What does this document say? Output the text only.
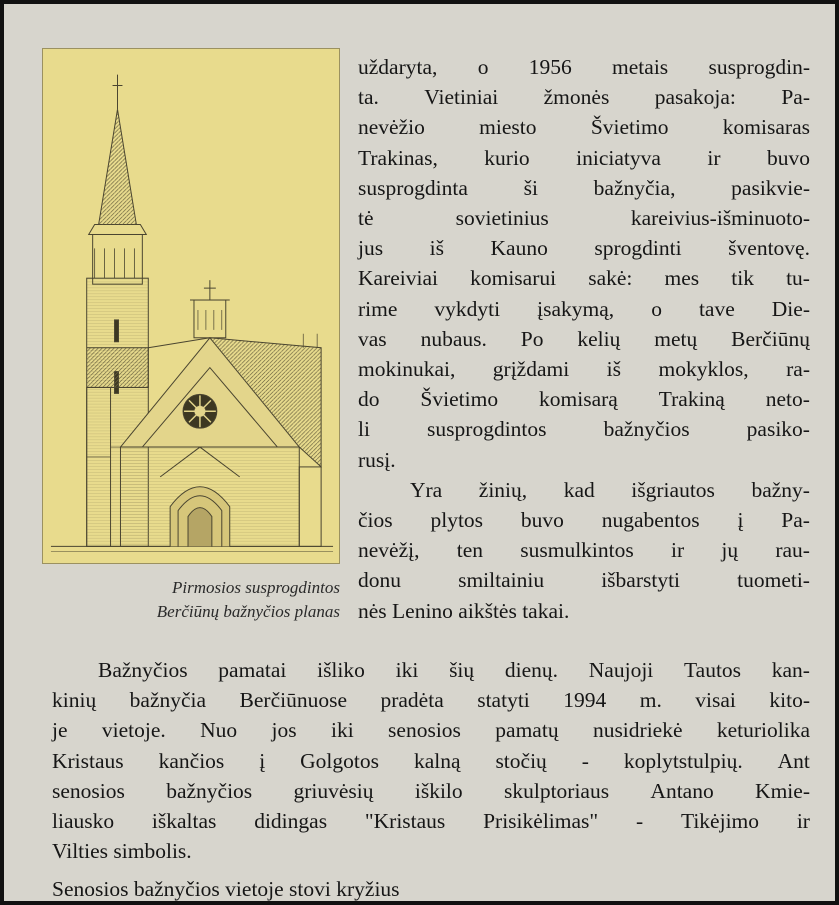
Pirmosios susprogdintos
Berčiūnų bažnyčios planas
uždaryta, o 1956 metais susprogdin-
ta. Vietiniai žmonės pasakoja: Pa-
nevėžio	miesto	Švietimo	komisaras
Trakinas, kurio iniciatyva ir buvo
susprogdinta	ši	bažnyčia,	pasikvie-
tė	sovietinius	kareivius-išminuoto-
jus iš Kauno sprogdinti šventovę.
Kareiviai komisarui sakė: mes tik tu-
rime vykdyti įsakymą, o tave Die-
vas nubaus. Po kelių metų Berčiūnų
mokinukai, grįždami iš mokyklos, ra-
do Švietimo komisarą Trakiną neto-
li	susprogdintos	bažnyčios	pasiko-
rusį.
Yra žinių, kad išgriautos bažny-
čios plytos buvo nugabentos į Pa-
nevėžį, ten susmulkintos ir jų rau-
donu	smiltainiu	išbarstyti	tuometi-
nės Lenino aikštės takai.
Bažnyčios pamatai išliko iki šių dienų. Naujoji Tautos kan-
kinių bažnyčia Berčiūnuose pradėta statyti 1994 m. visai kito-
je vietoje. Nuo jos iki senosios pamatų nusidriekė keturiolika
Kristaus kančios į Golgotos kalną stočių - koplytstulpių. Ant
senosios bažnyčios griuvėsių iškilo skulptoriaus Antano Kmie-
liausko iškaltas didingas "Kristaus Prisikėlimas" - Tikėjimo ir
Vilties simbolis.
Senosios bažnyčios vietoje stovi kryžius
